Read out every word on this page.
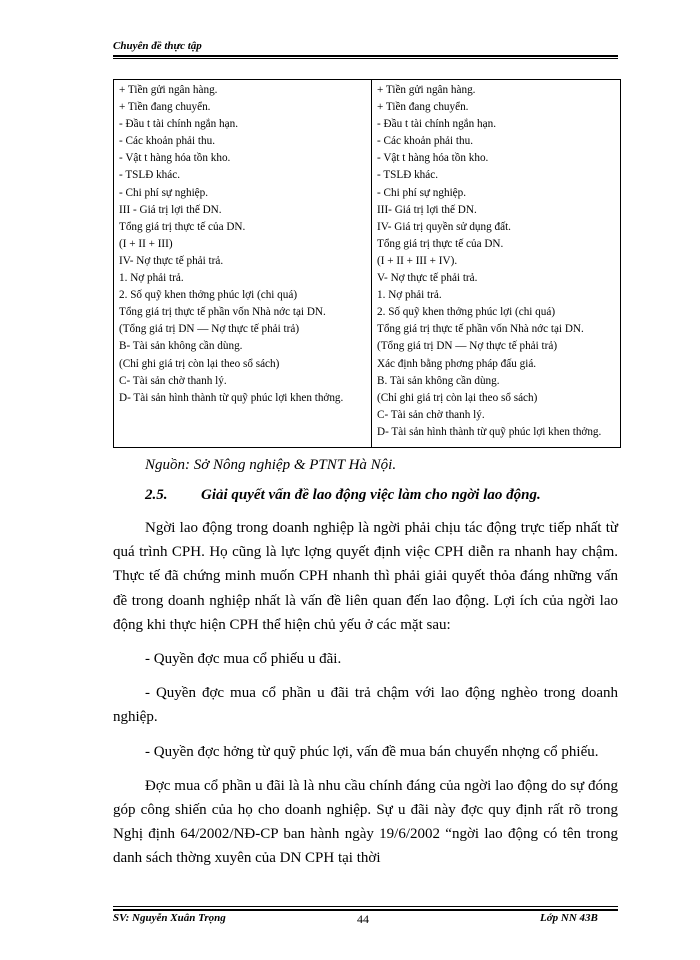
Chuyên đề thực tập
+ Tiền gửi ngân hàng.
+ Tiền đang chuyển.
- Đầu t tài chính ngắn hạn.
- Các khoản phải thu.
- Vật t hàng hóa tồn kho.
- TSLĐ khác.
- Chi phí sự nghiệp.
III - Giá trị lợi thế DN.
Tổng giá trị thực tế của DN.
(I + II + III)
IV- Nợ thực tế phải trả.
1. Nợ phải trả.
2. Số quỹ khen thởng phúc lợi (chi quá)
Tổng giá trị thực tế phần vốn Nhà nớc tại DN.
(Tổng giá trị DN — Nợ thực tế phải trả)
B- Tài sản không cần dùng.
(Chỉ ghi giá trị còn lại theo sổ sách)
C- Tài sản chờ thanh lý.
D- Tài sản hình thành từ quỹ phúc lợi khen thởng.

+ Tiền gửi ngân hàng.
+ Tiền đang chuyển.
- Đầu t tài chính ngắn hạn.
- Các khoản phải thu.
- Vật t hàng hóa tồn kho.
- TSLĐ khác.
- Chi phí sự nghiệp.
III- Giá trị lợi thế DN.
IV- Giá trị quyền sử dụng đất.
Tổng giá trị thực tế của DN.
(I + II + III + IV).
V- Nợ thực tế phải trả.
1. Nợ phải trả.
2. Số quỹ khen thởng phúc lợi (chi quá)
Tổng giá trị thực tế phần vốn Nhà nớc tại DN.
(Tổng giá trị DN — Nợ thực tế phải trả)
Xác định bằng phơng pháp đấu giá.
B. Tài sản không cần dùng.
(Chỉ ghi giá trị còn lại theo sổ sách)
C- Tài sản chờ thanh lý.
D- Tài sản hình thành từ quỹ phúc lợi khen thởng.
Nguồn: Sở Nông nghiệp & PTNT Hà Nội.
2.5. Giải quyết vấn đề lao động việc làm cho ngời lao động.

Ngời lao động trong doanh nghiệp là ngời phải chịu tác động trực tiếp nhất từ quá trình CPH. Họ cũng là lực lợng quyết định việc CPH diễn ra nhanh hay chậm. Thực tế đã chứng minh muốn CPH nhanh thì phải giải quyết thỏa đáng những vấn đề trong doanh nghiệp nhất là vấn đề liên quan đến lao động. Lợi ích của ngời lao động khi thực hiện CPH thể hiện chủ yếu ở các mặt sau:

- Quyền đợc mua cổ phiếu u đãi.

- Quyền đợc mua cổ phần u đãi trả chậm với lao động nghèo trong doanh nghiệp.

- Quyền đợc hởng từ quỹ phúc lợi, vấn đề mua bán chuyển nhợng cổ phiếu.

Đợc mua cổ phần u đãi là là nhu cầu chính đáng của ngời lao động do sự đóng góp công shiến của họ cho doanh nghiệp. Sự u đãi này đợc quy định rất rõ trong Nghị định 64/2002/NĐ-CP ban hành ngày 19/6/2002 “ngời lao động có tên trong danh sách thờng xuyên của DN CPH tại thời

SV: Nguyễn Xuân Trọng	44	Lớp NN 43B
